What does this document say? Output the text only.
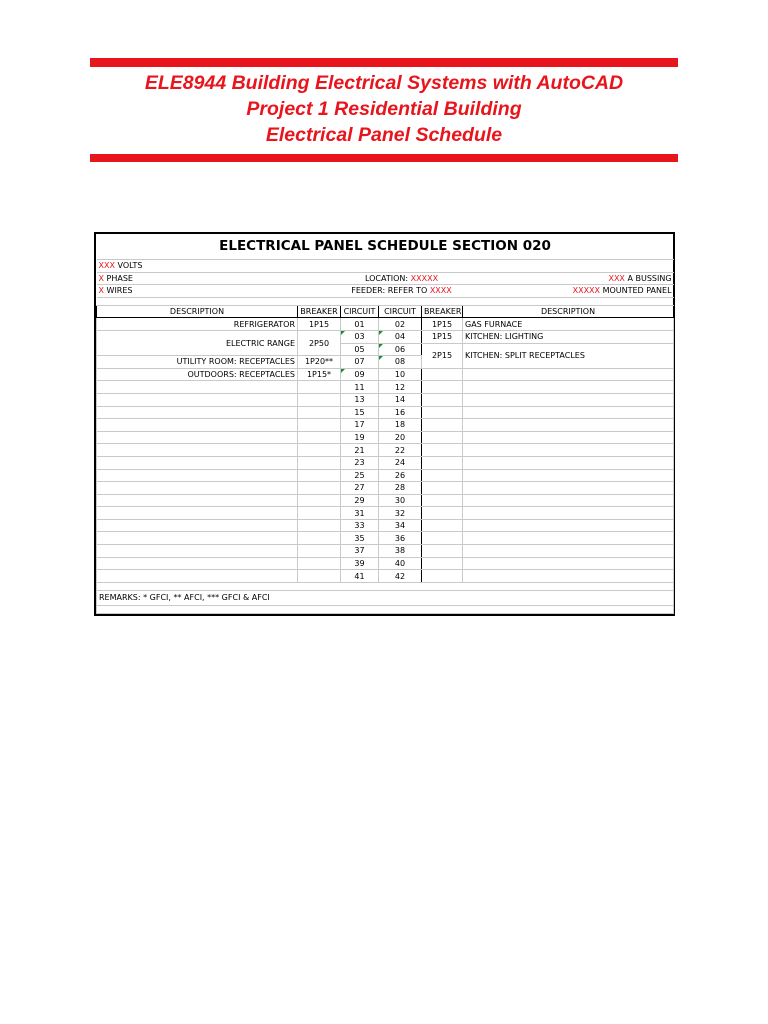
ELE8944 Building Electrical Systems with AutoCAD
Project 1 Residential Building
Electrical Panel Schedule
ELECTRICAL PANEL SCHEDULE SECTION 020					
XXX VOLTS					
X PHASE		LOCATION: XXXXX			XXX A BUSSING
X WIRES		FEEDER: REFER TO XXXX			XXXXX MOUNTED PANEL

DESCRIPTION	BREAKER	CIRCUIT	CIRCUIT	BREAKER	DESCRIPTION
REFRIGERATOR	1P15	01	02	1P15	GAS FURNACE
ELECTRIC RANGE	2P50	03	04	1P15	KITCHEN: LIGHTING
		05	06	2P15	KITCHEN: SPLIT RECEPTACLES
UTILITY ROOM: RECEPTACLES	1P20**	07	08		
OUTDOORS: RECEPTACLES	1P15*	09	10		
		11	12		
		13	14		
		15	16		
		17	18		
		19	20		
		21	22		
		23	24		
		25	26		
		27	28		
		29	30		
		31	32		
		33	34		
		35	36		
		37	38		
		39	40		
		41	42		

REMARKS: * GFCI, ** AFCI, *** GFCI & AFCI					
